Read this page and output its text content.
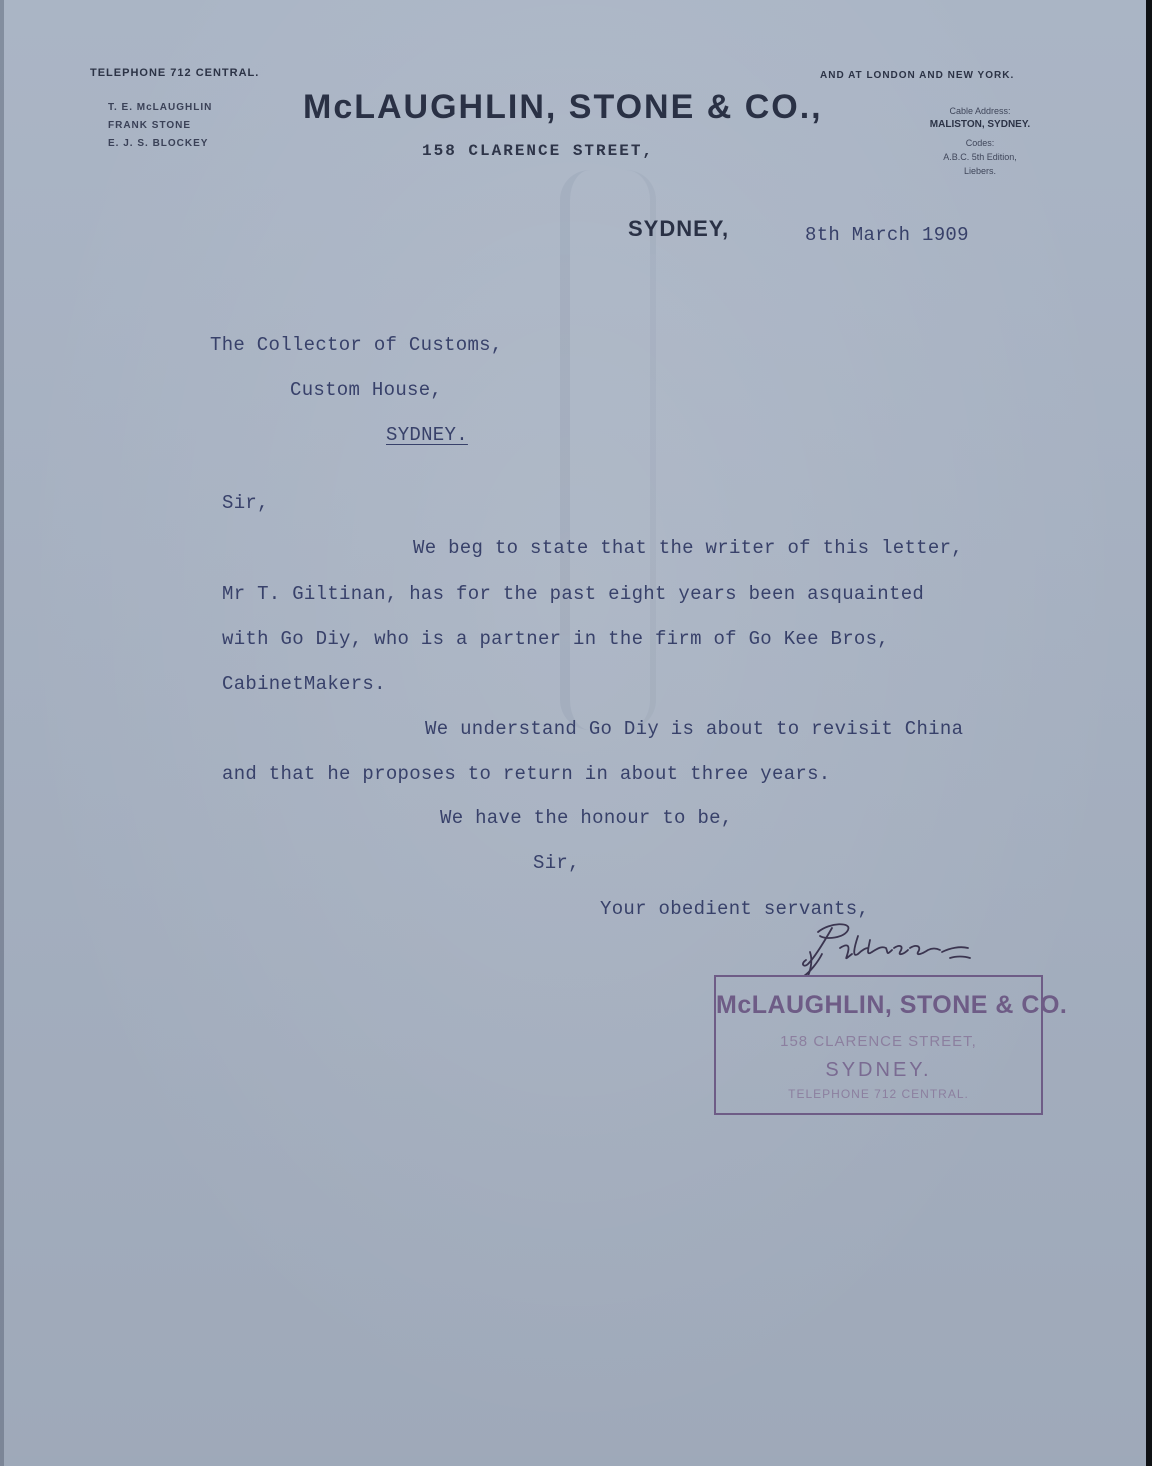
TELEPHONE 712 CENTRAL.	AND AT LONDON AND NEW YORK.
T. E. McLAUGHLIN
FRANK STONE
E. J. S. BLOCKEY
McLAUGHLIN, STONE & CO.,
158 CLARENCE STREET,
Cable Address:
MALISTON, SYDNEY.
Codes:
A.B.C. 5th Edition,
Liebers.
SYDNEY,	8th March 1909
The Collector of Customs,
Custom House,
SYDNEY.
Sir,
We beg to state that the writer of this letter,
Mr T. Giltinan, has for the past eight years been asquainted
with Go Diy, who is a partner in the firm of Go Kee Bros,
CabinetMakers.
We understand Go Diy is about to revisit China
and that he proposes to return in about three years.
We have the honour to be,
Sir,
Your obedient servants,
McLAUGHLIN, STONE & CO.
158 CLARENCE STREET,
SYDNEY.
TELEPHONE 712 CENTRAL.
